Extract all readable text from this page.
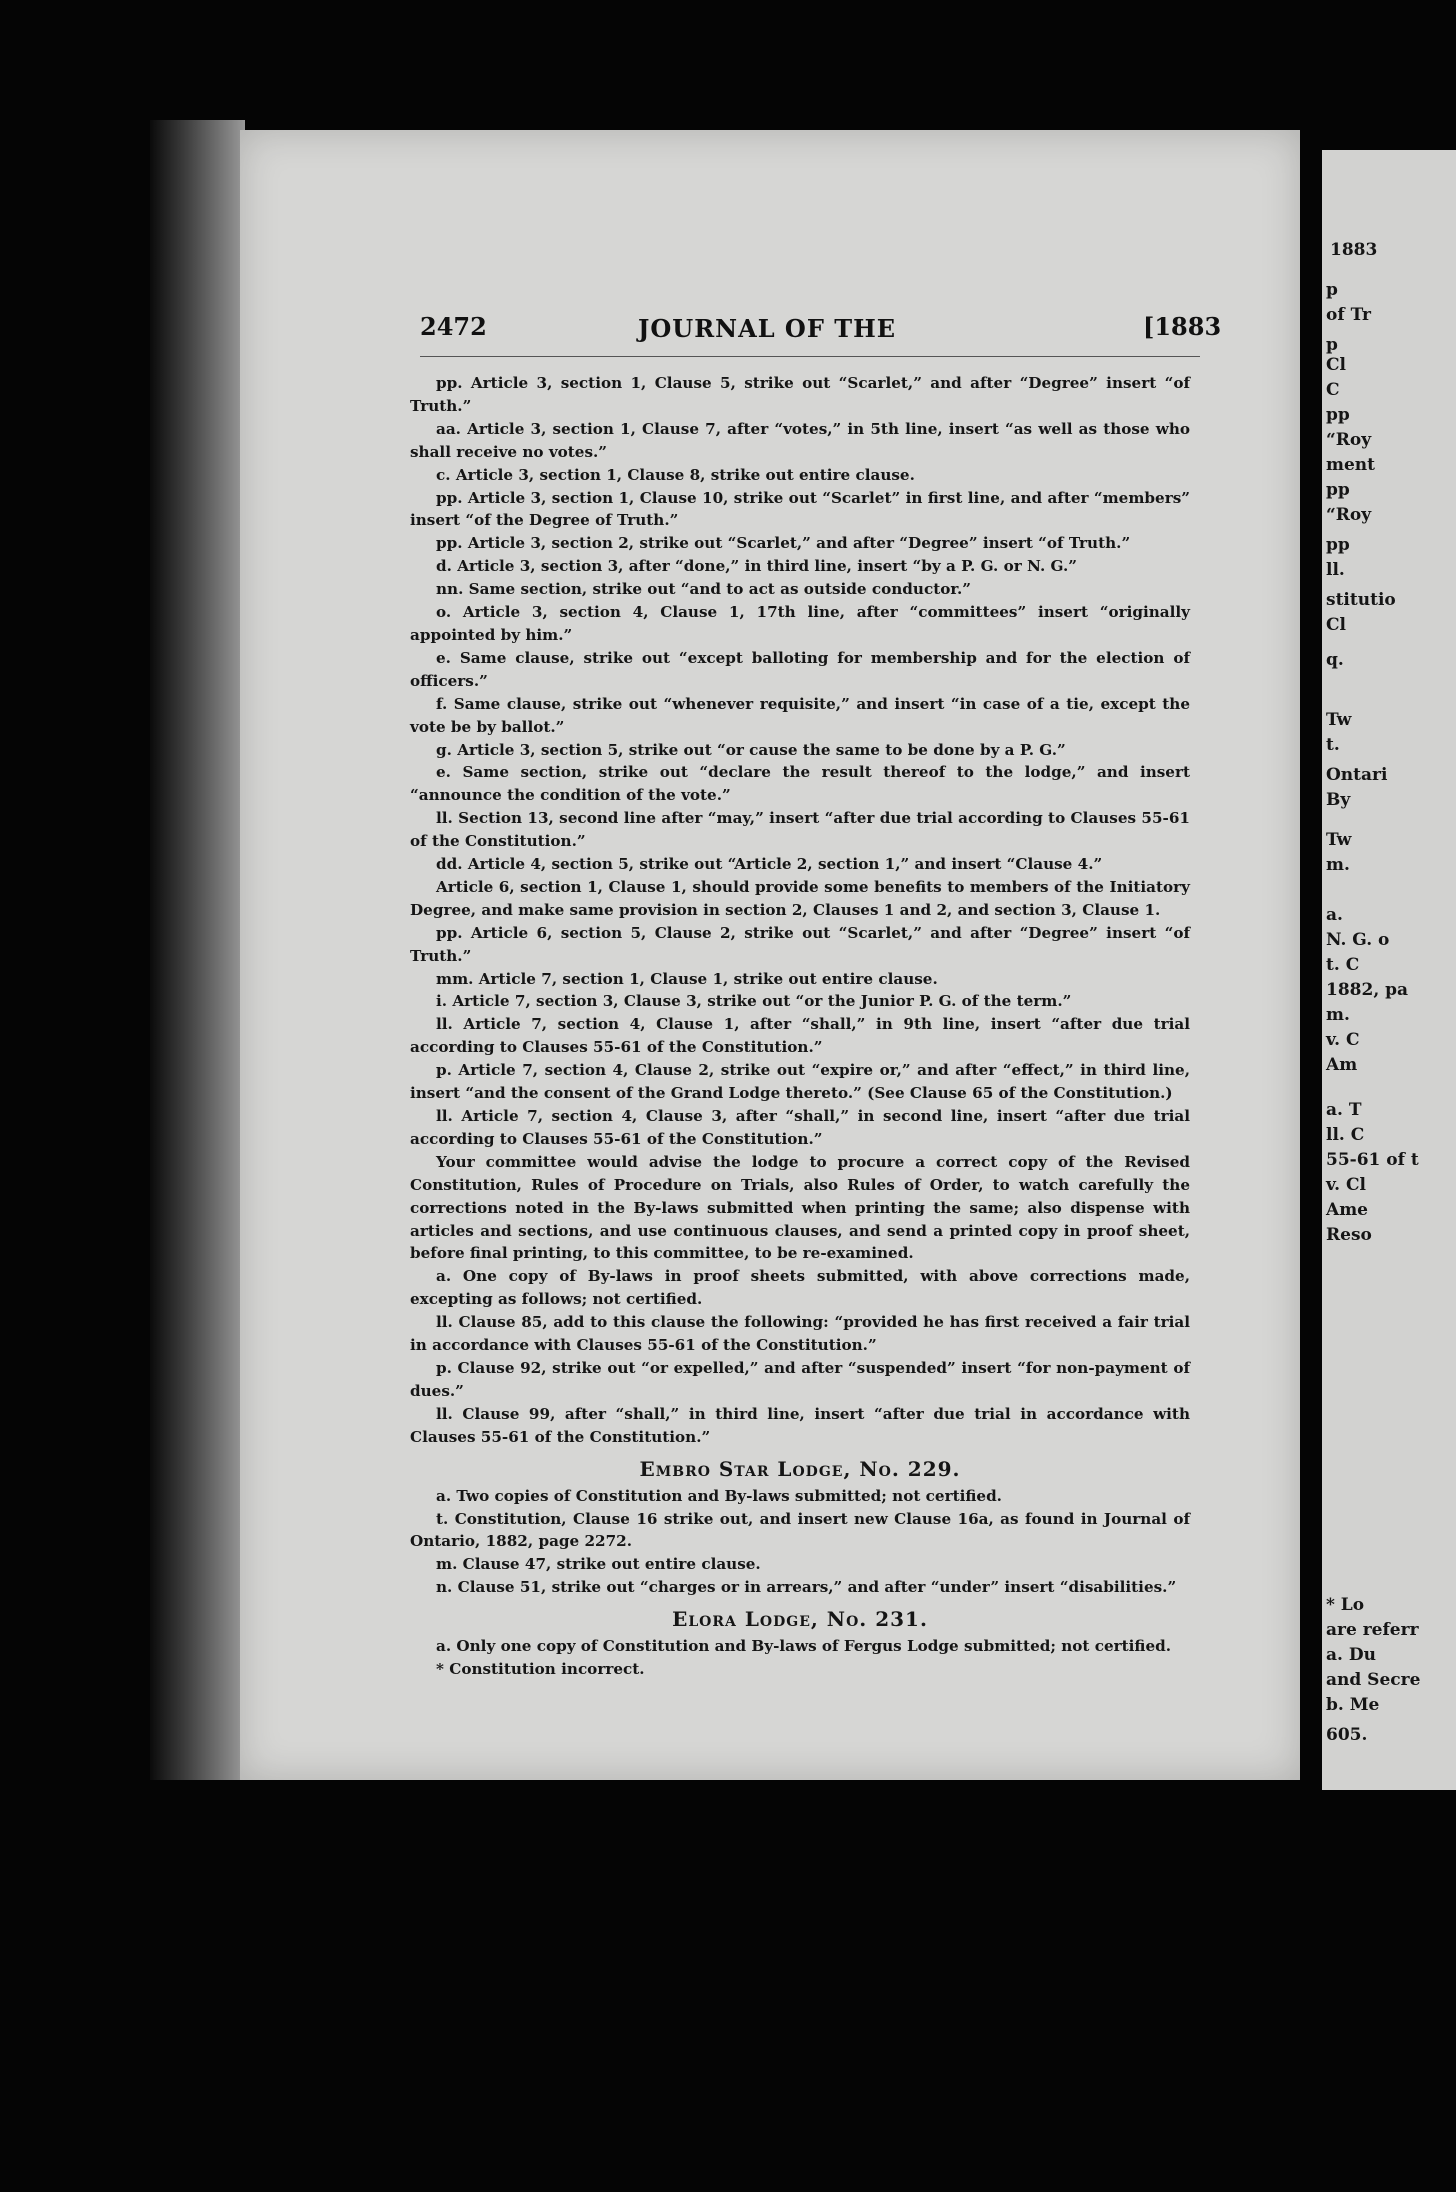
2472	JOURNAL OF THE	[1883

pp. Article 3, section 1, Clause 5, strike out “Scarlet,” and after “Degree” insert “of Truth.”

aa. Article 3, section 1, Clause 7, after “votes,” in 5th line, insert “as well as those who shall receive no votes.”

c. Article 3, section 1, Clause 8, strike out entire clause.

pp. Article 3, section 1, Clause 10, strike out “Scarlet” in first line, and after “members” insert “of the Degree of Truth.”

pp. Article 3, section 2, strike out “Scarlet,” and after “Degree” insert “of Truth.”

d. Article 3, section 3, after “done,” in third line, insert “by a P. G. or N. G.”

nn. Same section, strike out “and to act as outside conductor.”

o. Article 3, section 4, Clause 1, 17th line, after “committees” insert “originally appointed by him.”

e. Same clause, strike out “except balloting for membership and for the election of officers.”

f. Same clause, strike out “whenever requisite,” and insert “in case of a tie, except the vote be by ballot.”

g. Article 3, section 5, strike out “or cause the same to be done by a P. G.”

e. Same section, strike out “declare the result thereof to the lodge,” and insert “announce the condition of the vote.”

ll. Section 13, second line after “may,” insert “after due trial according to Clauses 55-61 of the Constitution.”

dd. Article 4, section 5, strike out “Article 2, section 1,” and insert “Clause 4.”

Article 6, section 1, Clause 1, should provide some benefits to members of the Initiatory Degree, and make same provision in section 2, Clauses 1 and 2, and section 3, Clause 1.

pp. Article 6, section 5, Clause 2, strike out “Scarlet,” and after “Degree” insert “of Truth.”

mm. Article 7, section 1, Clause 1, strike out entire clause.

i. Article 7, section 3, Clause 3, strike out “or the Junior P. G. of the term.”

ll. Article 7, section 4, Clause 1, after “shall,” in 9th line, insert “after due trial according to Clauses 55-61 of the Constitution.”

p. Article 7, section 4, Clause 2, strike out “expire or,” and after “effect,” in third line, insert “and the consent of the Grand Lodge thereto.” (See Clause 65 of the Constitution.)

ll. Article 7, section 4, Clause 3, after “shall,” in second line, insert “after due trial according to Clauses 55-61 of the Constitution.”

Your committee would advise the lodge to procure a correct copy of the Revised Constitution, Rules of Procedure on Trials, also Rules of Order, to watch carefully the corrections noted in the By-laws submitted when printing the same; also dispense with articles and sections, and use continuous clauses, and send a printed copy in proof sheet, before final printing, to this committee, to be re-examined.

a. One copy of By-laws in proof sheets submitted, with above corrections made, excepting as follows; not certified.

ll. Clause 85, add to this clause the following: “provided he has first received a fair trial in accordance with Clauses 55-61 of the Constitution.”

p. Clause 92, strike out “or expelled,” and after “suspended” insert “for non-payment of dues.”

ll. Clause 99, after “shall,” in third line, insert “after due trial in accordance with Clauses 55-61 of the Constitution.”

Embro Star Lodge, No. 229.

a. Two copies of Constitution and By-laws submitted; not certified.

t. Constitution, Clause 16 strike out, and insert new Clause 16a, as found in Journal of Ontario, 1882, page 2272.

m. Clause 47, strike out entire clause.

n. Clause 51, strike out “charges or in arrears,” and after “under” insert “disabilities.”

Elora Lodge, No. 231.

a. Only one copy of Constitution and By-laws of Fergus Lodge submitted; not certified.

* Constitution incorrect.

1883
p
of Tr
p
Cl
C
pp
“Roy
ment
pp
“Roy
pp
ll.
stitutio
Cl
q.
Tw
t.
Ontari
By
Tw
m.
a.
N. G. o
t. C
1882, pa
m.
v. C
Am
a. T
ll. C
55-61 of t
v. Cl
Ame
Reso
* Lo
are referr
a. Du
and Secre
b. Me
605.
